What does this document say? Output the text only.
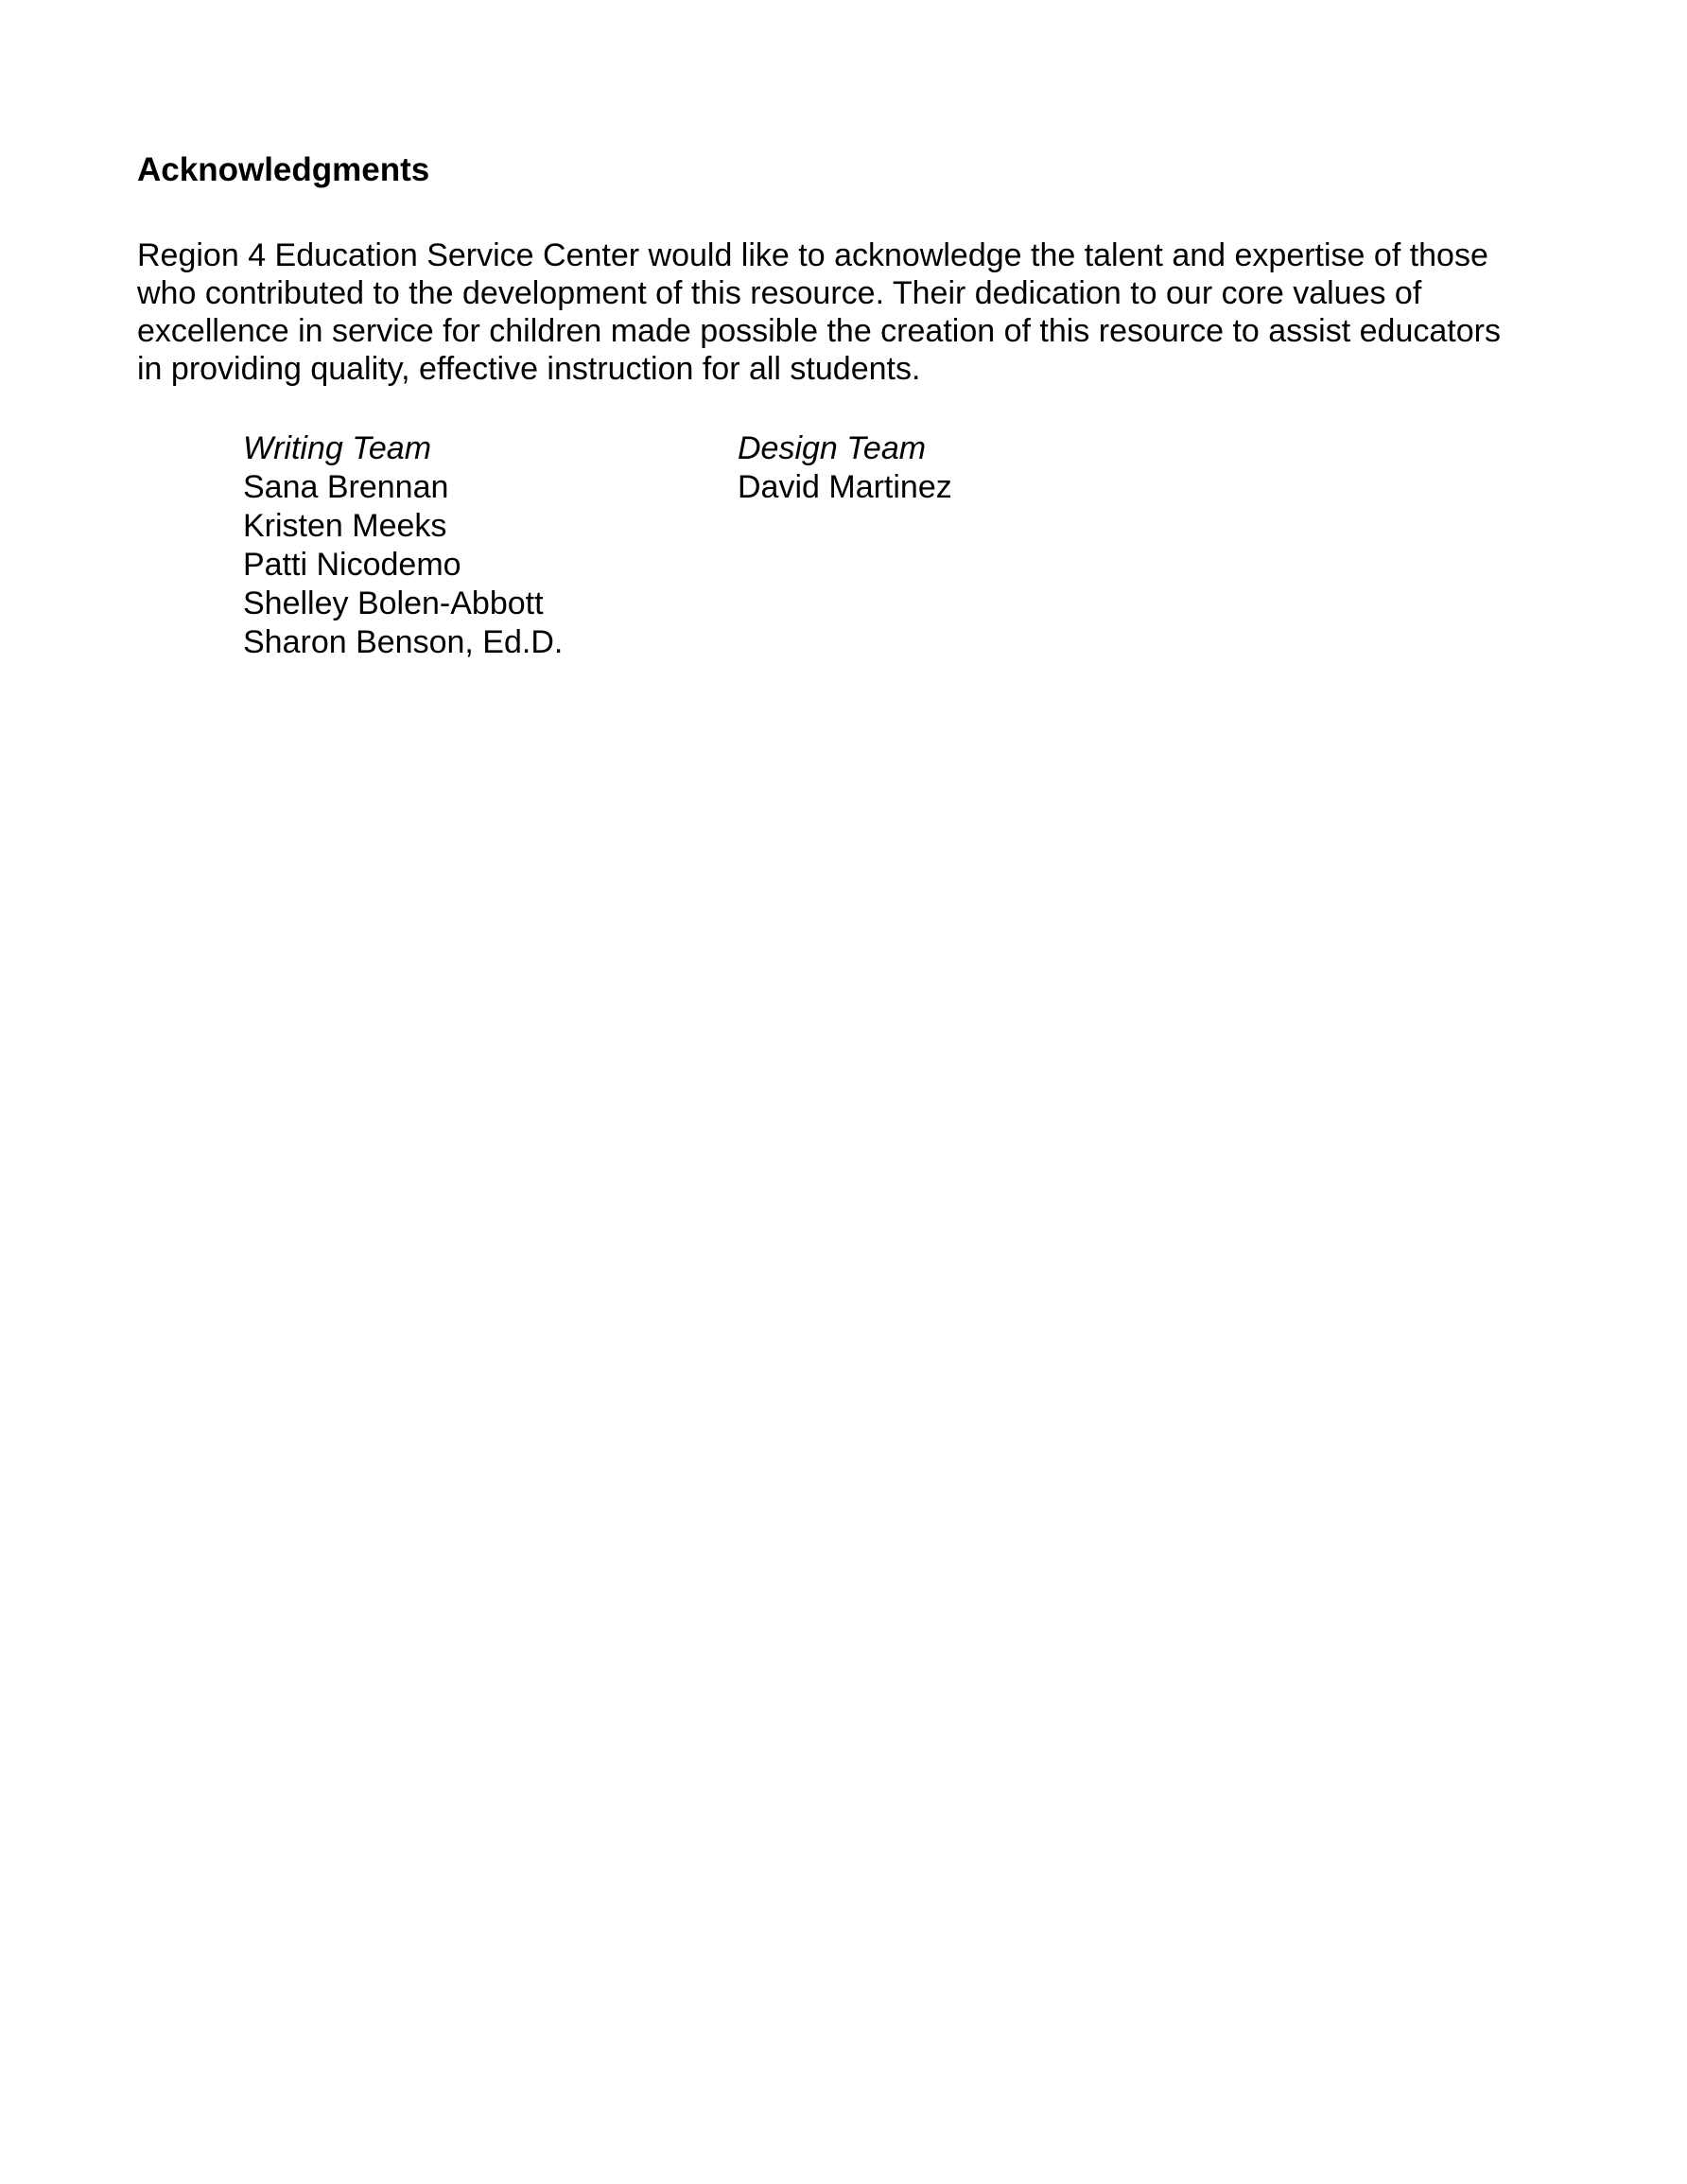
Acknowledgments

Region 4 Education Service Center would like to acknowledge the talent and expertise of those who contributed to the development of this resource. Their dedication to our core values of excellence in service for children made possible the creation of this resource to assist educators in providing quality, effective instruction for all students.

Writing Team
Sana Brennan
Kristen Meeks
Patti Nicodemo
Shelley Bolen-Abbott
Sharon Benson, Ed.D.
Design Team
David Martinez
